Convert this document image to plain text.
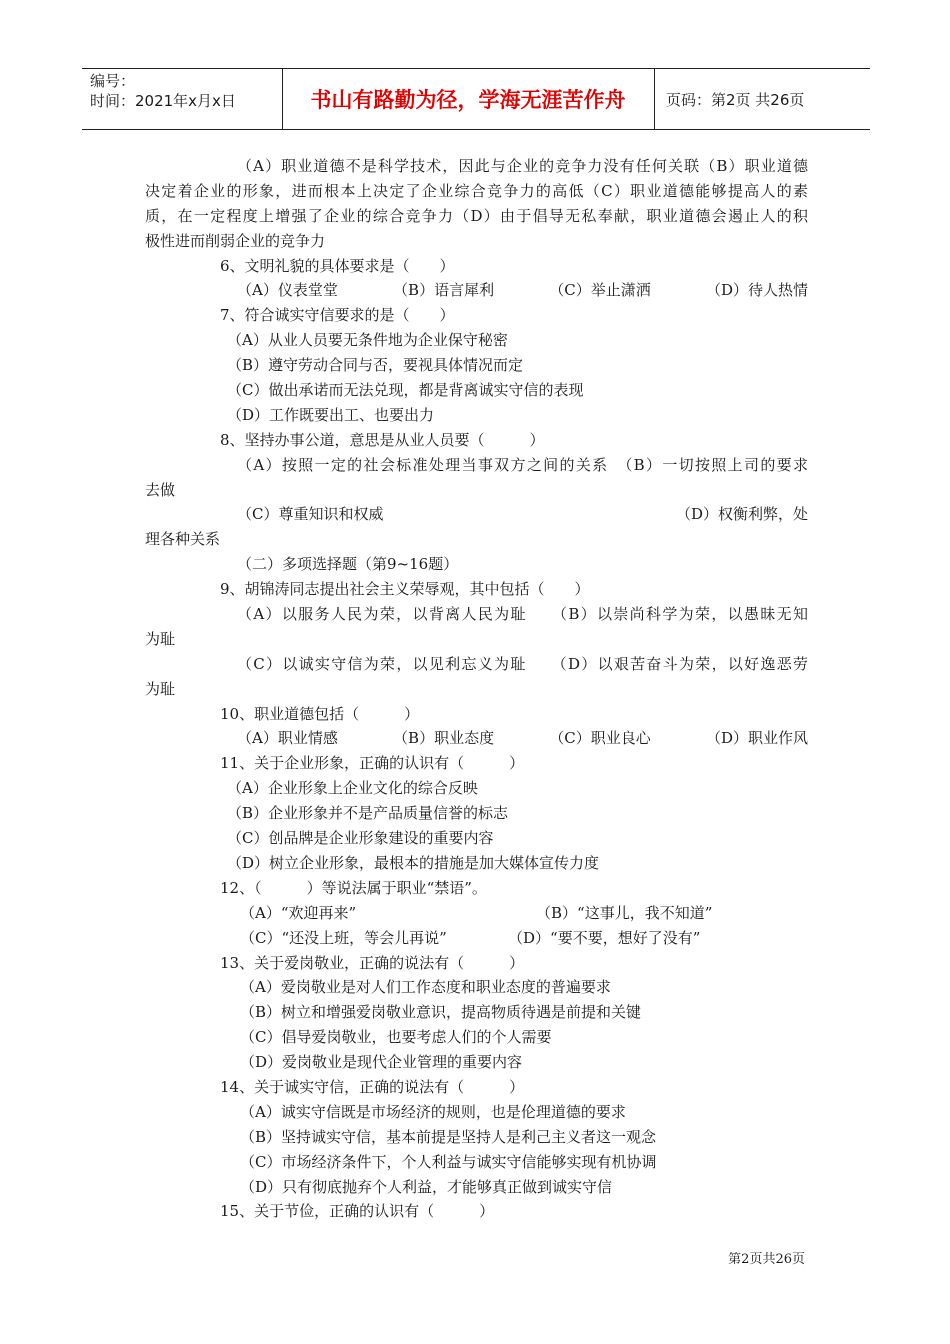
编号：
时间：2021年x月x日	书山有路勤为径，学海无涯苦作舟	页码：第2页 共26页
（A）职业道德不是科学技术，因此与企业的竞争力没有任何关联（B）职业道德
决定着企业的形象，进而根本上决定了企业综合竞争力的高低（C）职业道德能够提高人的素
质，在一定程度上增强了企业的综合竞争力（D）由于倡导无私奉献，职业道德会遏止人的积
极性进而削弱企业的竞争力
6、文明礼貌的具体要求是（　　）
（A）仪表堂堂	（B）语言犀利	（C）举止潇洒	（D）待人热情
7、符合诚实守信要求的是（　　）
（A）从业人员要无条件地为企业保守秘密
（B）遵守劳动合同与否，要视具体情况而定
（C）做出承诺而无法兑现，都是背离诚实守信的表现
（D）工作既要出工、也要出力
8、坚持办事公道，意思是从业人员要（　　　）
（A）按照一定的社会标准处理当事双方之间的关系　（B）一切按照上司的要求
去做
（C）尊重知识和权威	（D）权衡利弊，处
理各种关系
（二）多项选择题（第9~16题）
9、胡锦涛同志提出社会主义荣辱观，其中包括（　　）
（A）以服务人民为荣，以背离人民为耻　　（B）以崇尚科学为荣，以愚昧无知
为耻
（C）以诚实守信为荣，以见利忘义为耻　　（D）以艰苦奋斗为荣，以好逸恶劳
为耻
10、职业道德包括（　　　）
（A）职业情感	（B）职业态度	（C）职业良心	（D）职业作风
11、关于企业形象，正确的认识有（　　　）
（A）企业形象上企业文化的综合反映
（B）企业形象并不是产品质量信誉的标志
（C）创品牌是企业形象建设的重要内容
（D）树立企业形象，最根本的措施是加大媒体宣传力度
12、（　　　）等说法属于职业“禁语”。
（A）“欢迎再来”	（B）“这事儿，我不知道”
（C）“还没上班，等会儿再说”	（D）“要不要，想好了没有”
13、关于爱岗敬业，正确的说法有（　　　）
（A）爱岗敬业是对人们工作态度和职业态度的普遍要求
（B）树立和增强爱岗敬业意识，提高物质待遇是前提和关键
（C）倡导爱岗敬业，也要考虑人们的个人需要
（D）爱岗敬业是现代企业管理的重要内容
14、关于诚实守信，正确的说法有（　　　）
（A）诚实守信既是市场经济的规则，也是伦理道德的要求
（B）坚持诚实守信，基本前提是坚持人是利己主义者这一观念
（C）市场经济条件下，个人利益与诚实守信能够实现有机协调
（D）只有彻底抛弃个人利益，才能够真正做到诚实守信
15、关于节俭，正确的认识有（　　　）
第2页共26页
